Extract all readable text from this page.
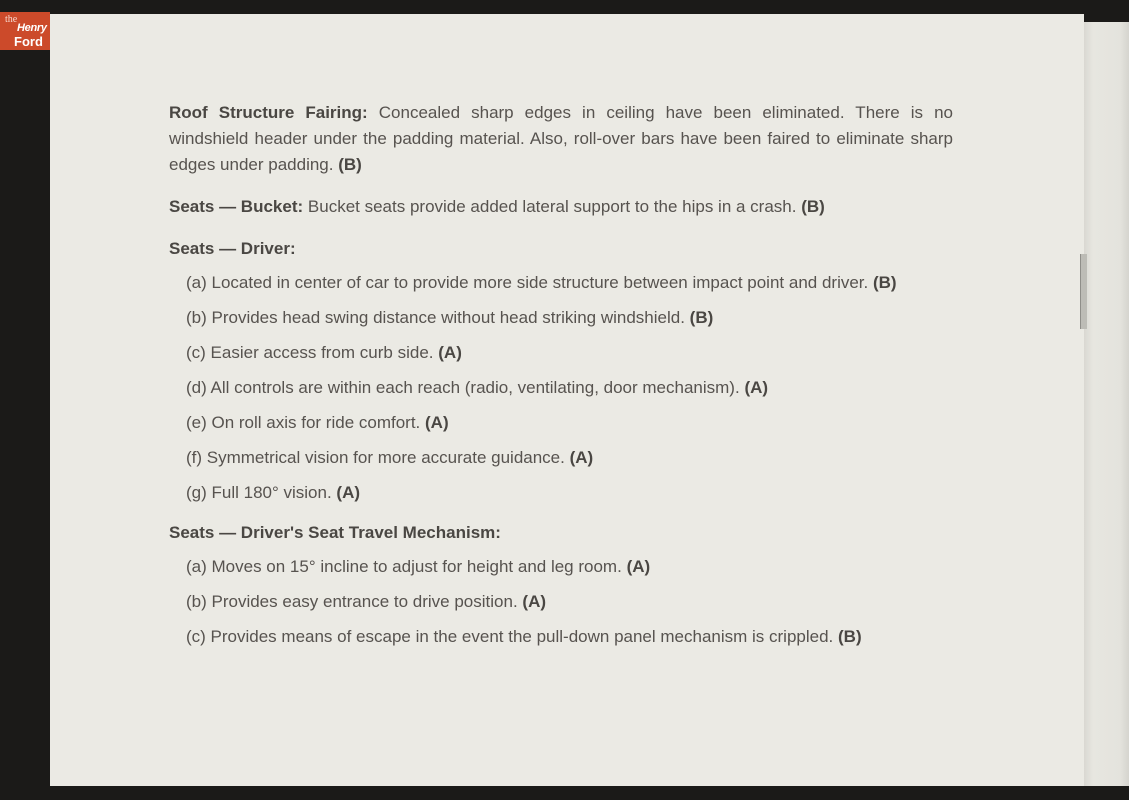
the
Henry
Ford

Roof Structure Fairing: Concealed sharp edges in ceiling have been eliminated. There is no windshield header under the padding material. Also, roll-over bars have been faired to eliminate sharp edges under padding. (B)

Seats — Bucket: Bucket seats provide added lateral support to the hips in a crash. (B)

Seats — Driver:

(a) Located in center of car to provide more side structure between impact point and driver. (B)

(b) Provides head swing distance without head striking windshield. (B)

(c) Easier access from curb side. (A)

(d) All controls are within each reach (radio, ventilating, door mechanism). (A)

(e) On roll axis for ride comfort. (A)

(f) Symmetrical vision for more accurate guidance. (A)

(g) Full 180° vision. (A)

Seats — Driver's Seat Travel Mechanism:

(a) Moves on 15° incline to adjust for height and leg room. (A)

(b) Provides easy entrance to drive position. (A)

(c) Provides means of escape in the event the pull-down panel mechanism is crippled. (B)
